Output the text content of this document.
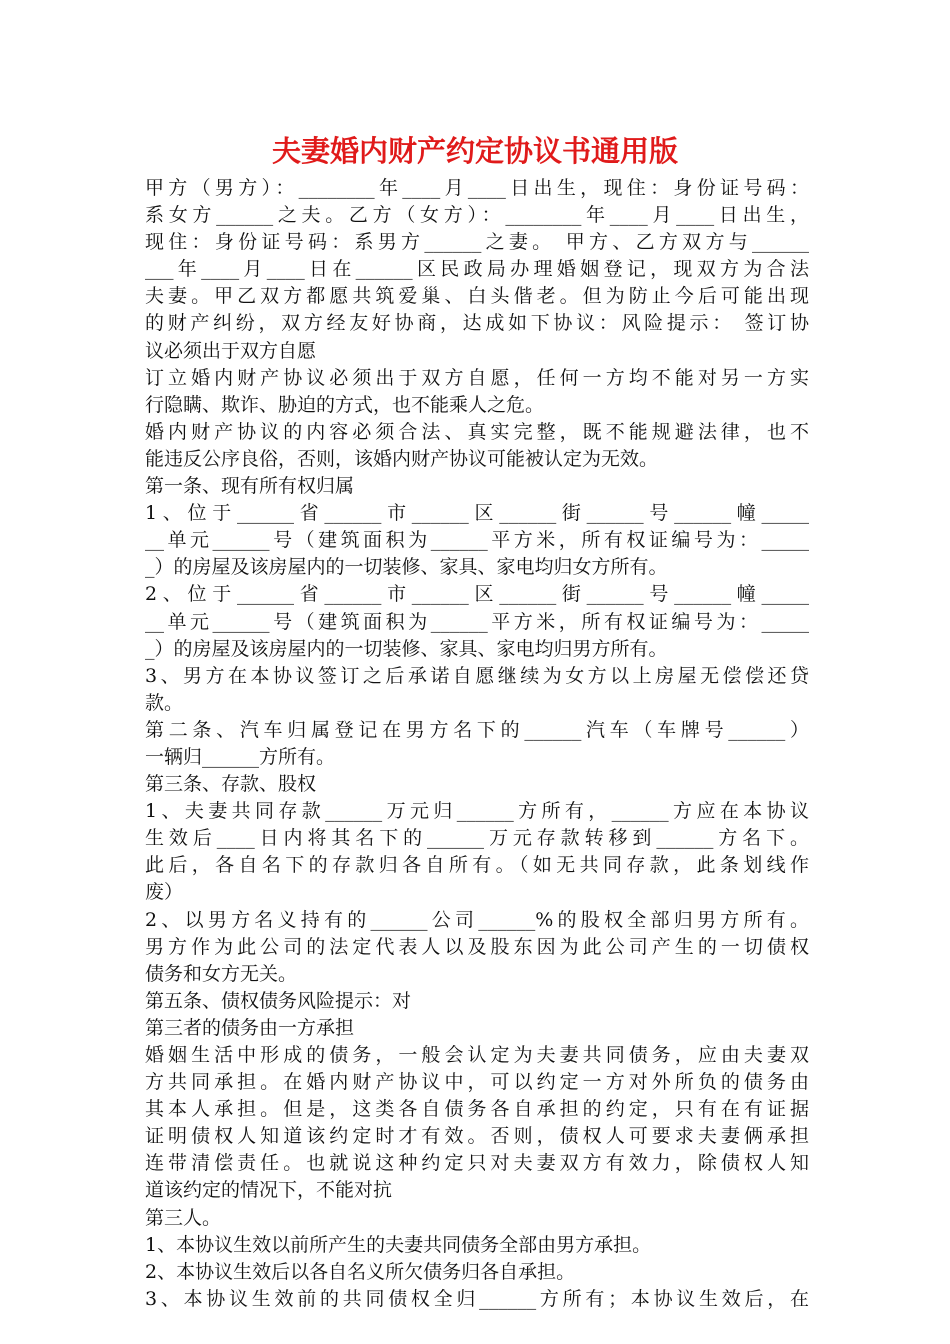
夫妻婚内财产约定协议书通用版
甲方（男方）：________年____月____日出生，现住：身份证号码：
系女方______之夫。乙方（女方）：________年____月____日出生，
现住：身份证号码：系男方______之妻。 甲方、乙方双方与______
___年____月____日在______区民政局办理婚姻登记，现双方为合法
夫妻。甲乙双方都愿共筑爱巢、白头偕老。但为防止今后可能出现
的财产纠纷，双方经友好协商，达成如下协议：风险提示： 签订协
议必须出于双方自愿
订立婚内财产协议必须出于双方自愿，任何一方均不能对另一方实
行隐瞒、欺诈、胁迫的方式，也不能乘人之危。
婚内财产协议的内容必须合法、真实完整，既不能规避法律，也不
能违反公序良俗，否则，该婚内财产协议可能被认定为无效。
第一条、现有所有权归属
1、位于______省______市______区______街______号______幢_____
__单元______号（建筑面积为______平方米，所有权证编号为：_____
_）的房屋及该房屋内的一切装修、家具、家电均归女方所有。
2、位于______省______市______区______街______号______幢_____
__单元______号（建筑面积为______平方米，所有权证编号为：_____
_）的房屋及该房屋内的一切装修、家具、家电均归男方所有。
3、男方在本协议签订之后承诺自愿继续为女方以上房屋无偿偿还贷
款。
第二条、汽车归属登记在男方名下的______汽车（车牌号______）
一辆归______方所有。
第三条、存款、股权
1、夫妻共同存款______万元归______方所有，______方应在本协议
生效后____日内将其名下的______万元存款转移到______方名下。
此后，各自名下的存款归各自所有。（如无共同存款，此条划线作
废）
2、以男方名义持有的______公司______%的股权全部归男方所有。
男方作为此公司的法定代表人以及股东因为此公司产生的一切债权
债务和女方无关。
第五条、债权债务风险提示：对
第三者的债务由一方承担
婚姻生活中形成的债务，一般会认定为夫妻共同债务，应由夫妻双
方共同承担。在婚内财产协议中，可以约定一方对外所负的债务由
其本人承担。但是，这类各自债务各自承担的约定，只有在有证据
证明债权人知道该约定时才有效。否则，债权人可要求夫妻俩承担
连带清偿责任。也就说这种约定只对夫妻双方有效力，除债权人知
道该约定的情况下，不能对抗
第三人。
1、本协议生效以前所产生的夫妻共同债务全部由男方承担。
2、本协议生效后以各自名义所欠债务归各自承担。
3、本协议生效前的共同债权全归______方所有；本协议生效后，在
